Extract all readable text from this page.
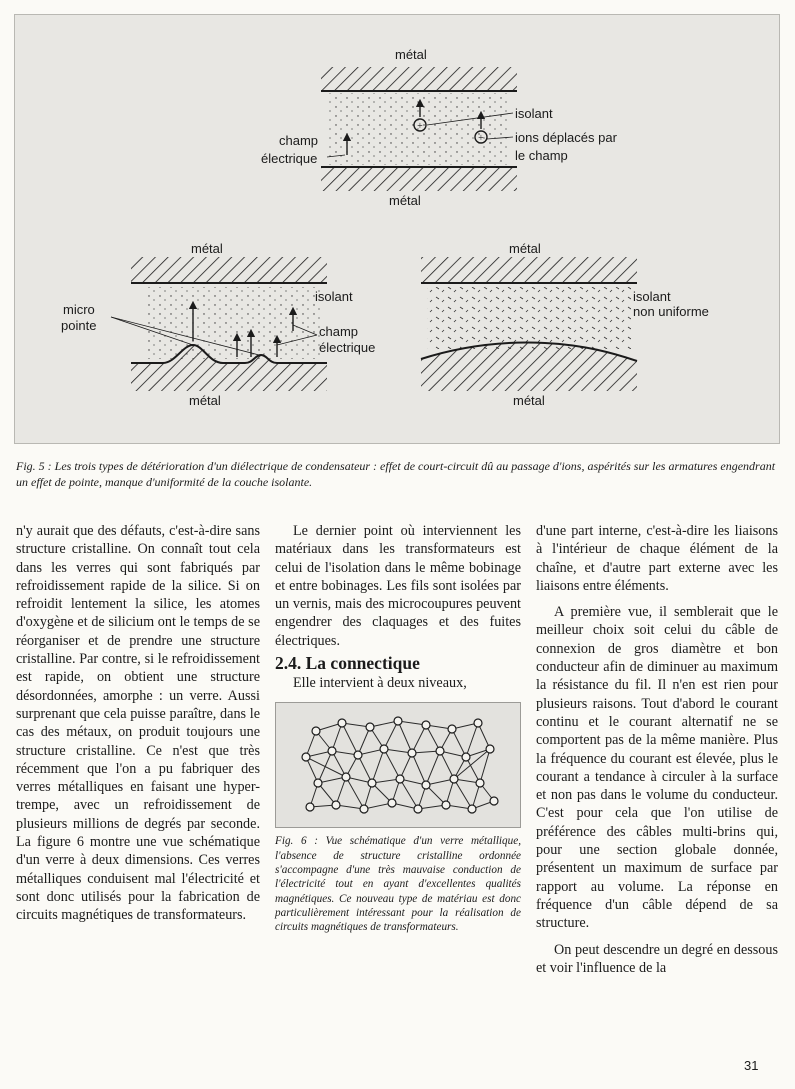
+
+
métal
métal
isolant
ions déplacés par
le champ
champ
électrique
métal
isolant
micro
pointe	champ
électrique
métal
métal
isolant
non uniforme
métal

Fig. 5 : Les trois types de détérioration d'un diélectrique de condensateur : effet de court-circuit dû au passage d'ions, aspérités sur les armatures engendrant un effet de pointe, manque d'uniformité de la couche isolante.

n'y aurait que des défauts, c'est-à-dire sans structure cristalline. On connaît tout cela dans les verres qui sont fabriqués par refroidissement rapide de la silice. Si on refroidit lentement la silice, les atomes d'oxygène et de silicium ont le temps de se réorganiser et de prendre une structure cristalline. Par contre, si le refroidissement est rapide, on obtient une structure désordonnées, amorphe : un verre. Aussi surprenant que cela puisse paraître, dans le cas des métaux, on produit toujours une structure cristalline. Ce n'est que très récemment que l'on a pu fabriquer des verres métalliques en faisant une hyper-trempe, avec un refroidissement de plusieurs millions de degrés par seconde. La figure 6 montre une vue schématique d'un verre à deux dimensions. Ces verres métalliques conduisent mal l'électricité et sont donc utilisés pour la fabrication de circuits magnétiques de transformateurs.

Le dernier point où interviennent les matériaux dans les transformateurs est celui de l'isolation dans le même bobinage et entre bobinages. Les fils sont isolées par un vernis, mais des microcoupures peuvent engendrer des claquages et des fuites électriques.

2.4. La connectique

Elle intervient à deux niveaux,

Fig. 6 : Vue schématique d'un verre métallique, l'absence de structure cristalline ordonnée s'accompagne d'une très mauvaise conduction de l'électricité tout en ayant d'excellentes qualités magnétiques. Ce nouveau type de matériau est donc particulièrement intéressant pour la réalisation de circuits magnétiques de transformateurs.

d'une part interne, c'est-à-dire les liaisons à l'intérieur de chaque élément de la chaîne, et d'autre part externe avec les liaisons entre éléments.

A première vue, il semblerait que le meilleur choix soit celui du câble de connexion de gros diamètre et bon conducteur afin de diminuer au maximum la résistance du fil. Il n'en est rien pour plusieurs raisons. Tout d'abord le courant continu et le courant alternatif ne se comportent pas de la même manière. Plus la fréquence du courant est élevée, plus le courant a tendance à circuler à la surface et non pas dans le volume du conducteur. C'est pour cela que l'on utilise de préférence des câbles multi-brins qui, pour une section globale donnée, présentent un maximum de surface par rapport au volume. La réponse en fréquence d'un câble dépend de sa structure.

On peut descendre un degré en dessous et voir l'influence de la

31
